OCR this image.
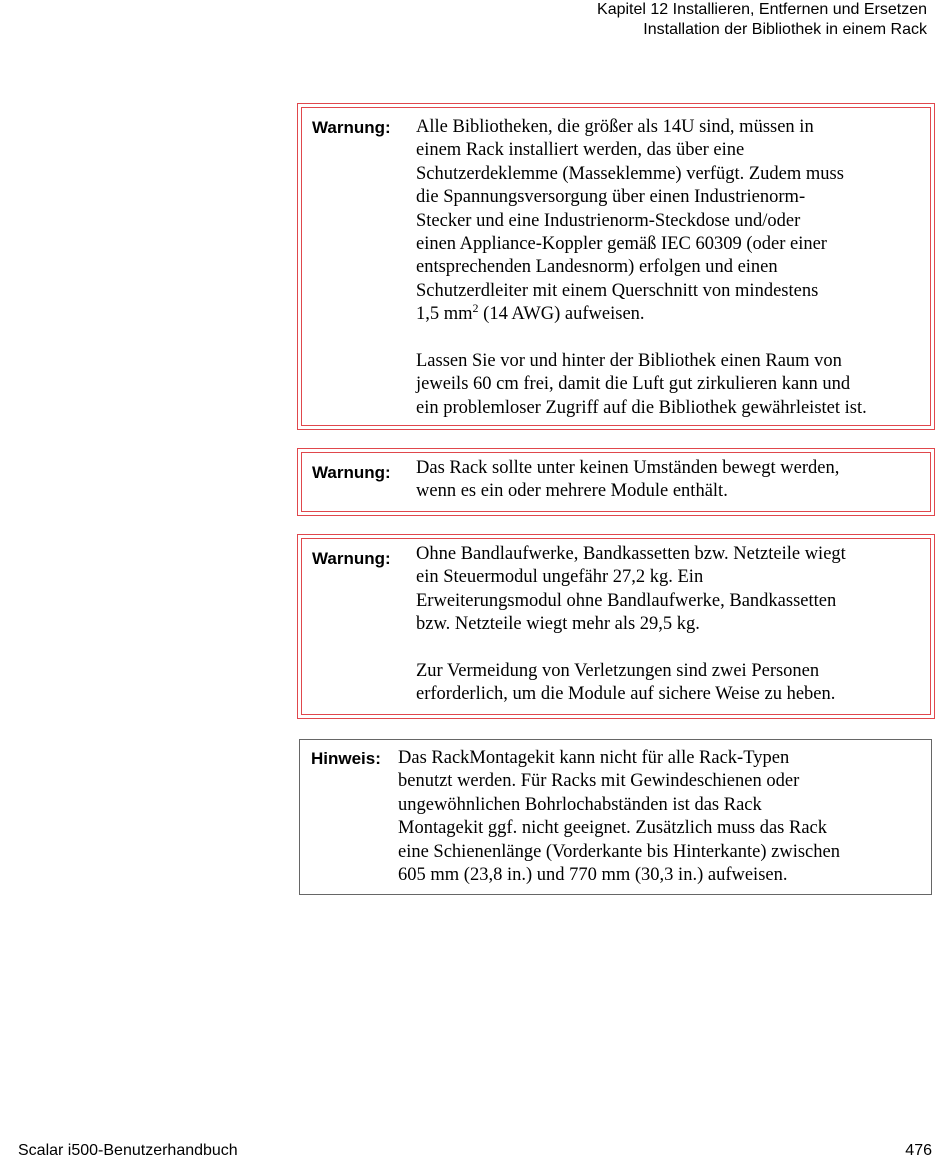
Kapitel 12 Installieren, Entfernen und Ersetzen
Installation der Bibliothek in einem Rack
Warnung: Alle Bibliotheken, die größer als 14U sind, müssen in
einem Rack installiert werden, das über eine
Schutzerdeklemme (Masseklemme) verfügt. Zudem muss
die Spannungsversorgung über einen Industrienorm-
Stecker und eine Industrienorm-Steckdose und/oder
einen Appliance-Koppler gemäß IEC 60309 (oder einer
entsprechenden Landesnorm) erfolgen und einen
Schutzerdleiter mit einem Querschnitt von mindestens
1,5 $mm^2$ (14 AWG) aufweisen.
Lassen Sie vor und hinter der Bibliothek einen Raum von
jeweils 60 cm frei, damit die Luft gut zirkulieren kann und
ein problemloser Zugriff auf die Bibliothek gewährleistet ist.
Warnung: Das Rack sollte unter keinen Umständen bewegt werden,
wenn es ein oder mehrere Module enthält.
Warnung: Ohne Bandlaufwerke, Bandkassetten bzw. Netzteile wiegt
ein Steuermodul ungefähr 27,2 kg. Ein
Erweiterungsmodul ohne Bandlaufwerke, Bandkassetten
bzw. Netzteile wiegt mehr als 29,5 kg.
Zur Vermeidung von Verletzungen sind zwei Personen
erforderlich, um die Module auf sichere Weise zu heben.
Hinweis: Das RackMontagekit kann nicht für alle Rack-Typen
benutzt werden. Für Racks mit Gewindeschienen oder
ungewöhnlichen Bohrlochabständen ist das Rack
Montagekit ggf. nicht geeignet. Zusätzlich muss das Rack
eine Schienenlänge (Vorderkante bis Hinterkante) zwischen
605 mm (23,8 in.) und 770 mm (30,3 in.) aufweisen.
Scalar i500-Benutzerhandbuch	476
